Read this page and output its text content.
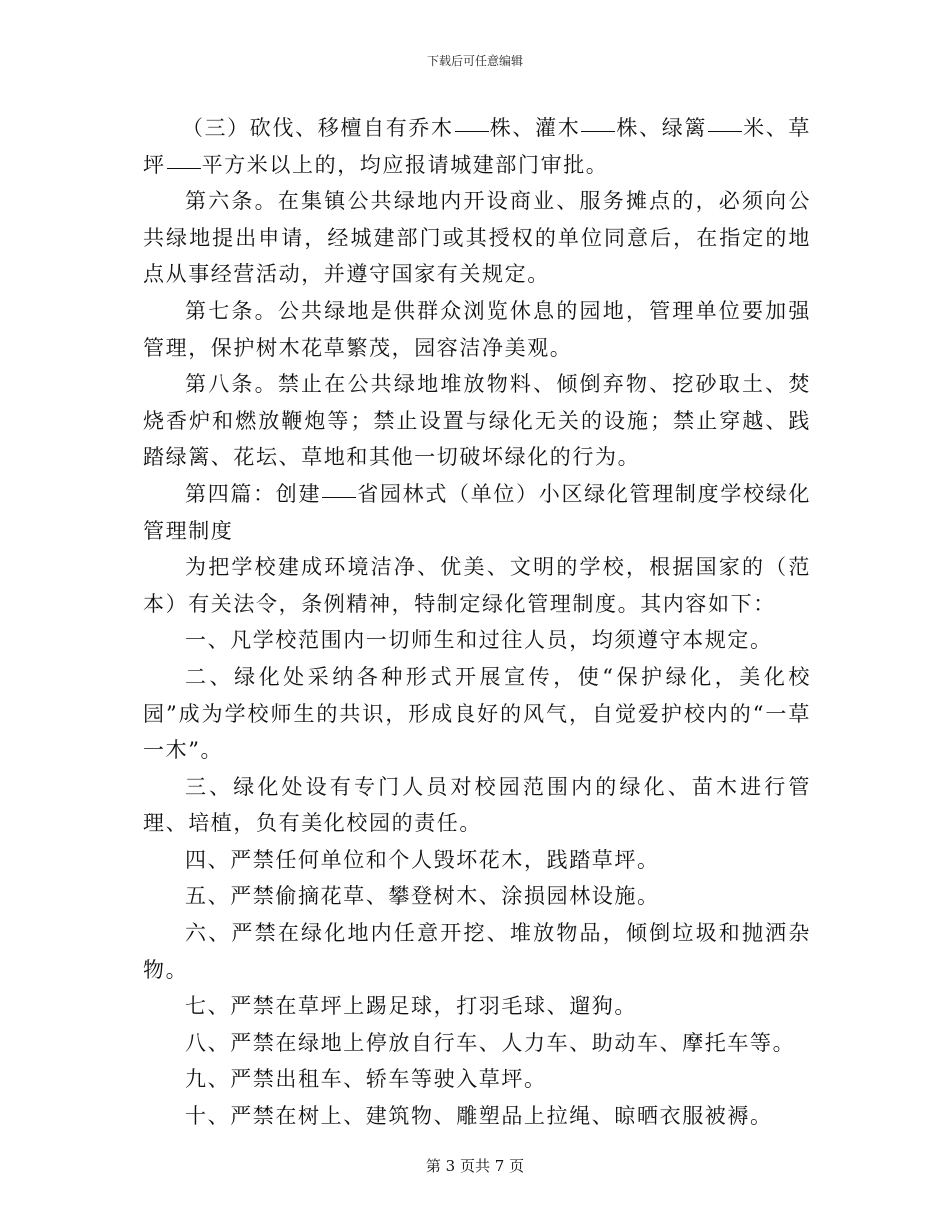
下载后可任意编辑

（三）砍伐、移檀自有乔木 株、灌木 株、绿篱 米、草坪 平方米以上的，均应报请城建部门审批。

第六条。在集镇公共绿地内开设商业、服务摊点的，必须向公共绿地提出申请，经城建部门或其授权的单位同意后，在指定的地点从事经营活动，并遵守国家有关规定。

第七条。公共绿地是供群众浏览休息的园地，管理单位要加强管理，保护树木花草繁茂，园容洁净美观。

第八条。禁止在公共绿地堆放物料、倾倒弃物、挖砂取土、焚烧香炉和燃放鞭炮等；禁止设置与绿化无关的设施；禁止穿越、践踏绿篱、花坛、草地和其他一切破坏绿化的行为。

第四篇：创建 省园林式（单位）小区绿化管理制度学校绿化管理制度

为把学校建成环境洁净、优美、文明的学校，根据国家的（范本）有关法令，条例精神，特制定绿化管理制度。其内容如下：

一、凡学校范围内一切师生和过往人员，均须遵守本规定。

二、绿化处采纳各种形式开展宣传，使“保护绿化，美化校园”成为学校师生的共识，形成良好的风气，自觉爱护校内的“一草一木”。

三、绿化处设有专门人员对校园范围内的绿化、苗木进行管理、培植，负有美化校园的责任。

四、严禁任何单位和个人毁坏花木，践踏草坪。

五、严禁偷摘花草、攀登树木、涂损园林设施。

六、严禁在绿化地内任意开挖、堆放物品，倾倒垃圾和抛洒杂物。

七、严禁在草坪上踢足球，打羽毛球、遛狗。

八、严禁在绿地上停放自行车、人力车、助动车、摩托车等。

九、严禁出租车、轿车等驶入草坪。

十、严禁在树上、建筑物、雕塑品上拉绳、晾晒衣服被褥。

第 3 页共 7 页
